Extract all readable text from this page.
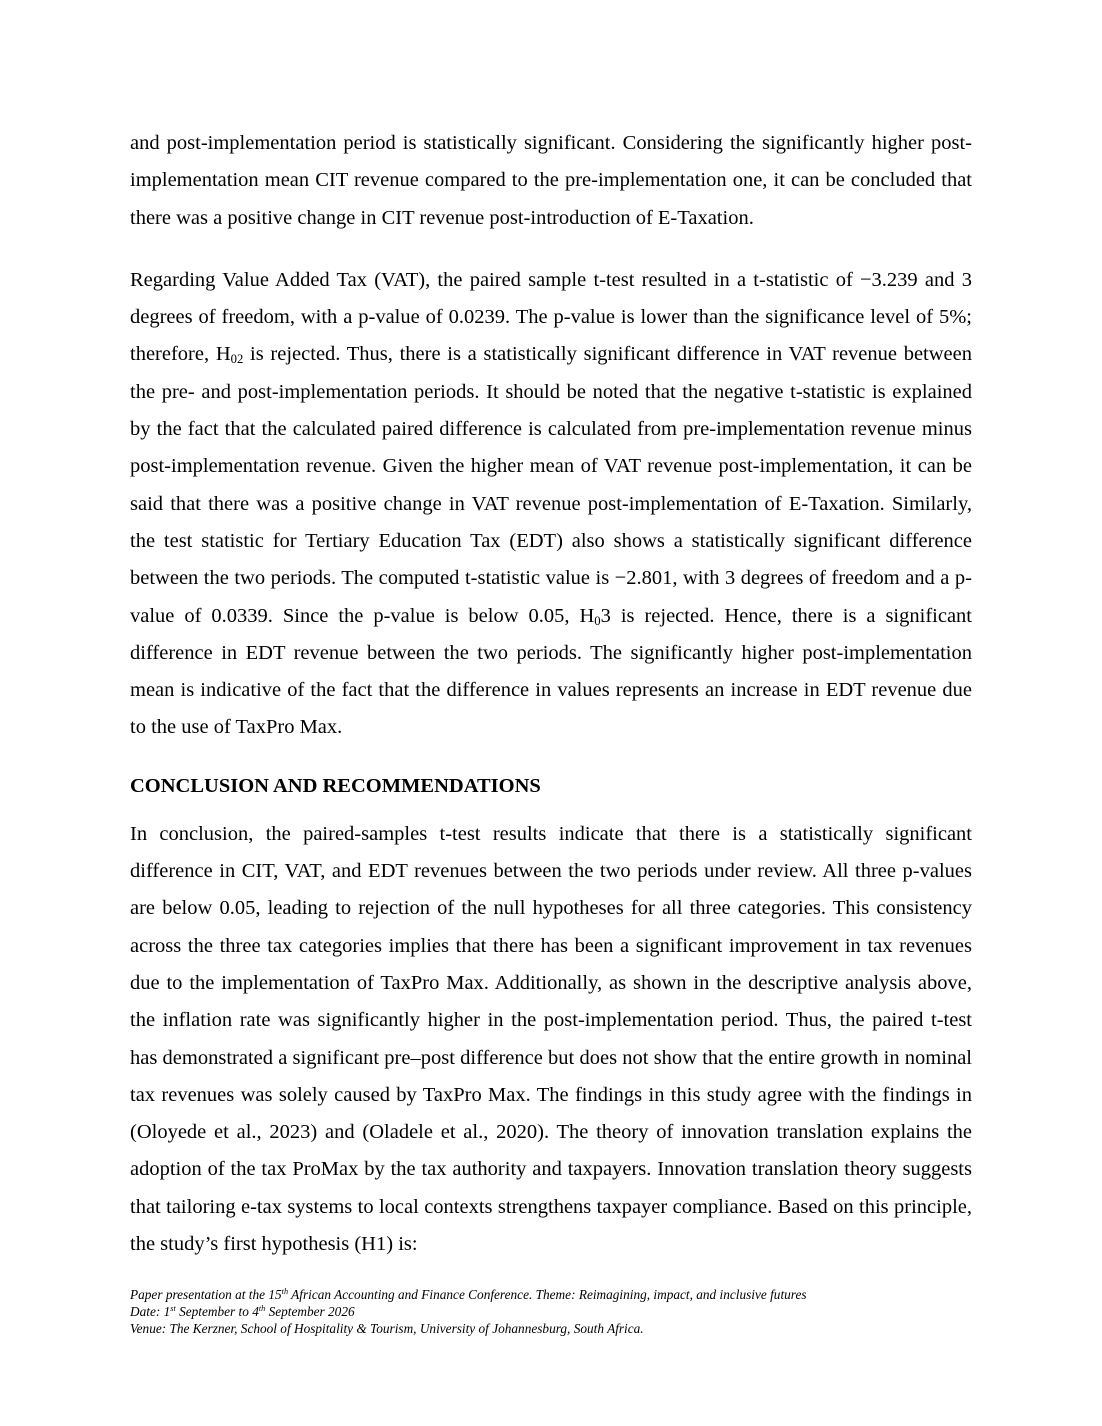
and post-implementation period is statistically significant. Considering the significantly higher post-implementation mean CIT revenue compared to the pre-implementation one, it can be concluded that there was a positive change in CIT revenue post-introduction of E-Taxation.

Regarding Value Added Tax (VAT), the paired sample t-test resulted in a t-statistic of −3.239 and 3 degrees of freedom, with a p-value of 0.0239. The p-value is lower than the significance level of 5%; therefore, $H_{02}$ is rejected. Thus, there is a statistically significant difference in VAT revenue between the pre- and post-implementation periods. It should be noted that the negative t-statistic is explained by the fact that the calculated paired difference is calculated from pre-implementation revenue minus post-implementation revenue. Given the higher mean of VAT revenue post-implementation, it can be said that there was a positive change in VAT revenue post-implementation of E-Taxation. Similarly, the test statistic for Tertiary Education Tax (EDT) also shows a statistically significant difference between the two periods. The computed t-statistic value is −2.801, with 3 degrees of freedom and a p-value of 0.0339. Since the p-value is below 0.05, $H_03$ is rejected. Hence, there is a significant difference in EDT revenue between the two periods. The significantly higher post-implementation mean is indicative of the fact that the difference in values represents an increase in EDT revenue due to the use of TaxPro Max.

CONCLUSION AND RECOMMENDATIONS

In conclusion, the paired-samples t-test results indicate that there is a statistically significant difference in CIT, VAT, and EDT revenues between the two periods under review. All three p-values are below 0.05, leading to rejection of the null hypotheses for all three categories. This consistency across the three tax categories implies that there has been a significant improvement in tax revenues due to the implementation of TaxPro Max. Additionally, as shown in the descriptive analysis above, the inflation rate was significantly higher in the post-implementation period. Thus, the paired t-test has demonstrated a significant pre–post difference but does not show that the entire growth in nominal tax revenues was solely caused by TaxPro Max. The findings in this study agree with the findings in (Oloyede et al., 2023) and (Oladele et al., 2020). The theory of innovation translation explains the adoption of the tax ProMax by the tax authority and taxpayers. Innovation translation theory suggests that tailoring e-tax systems to local contexts strengthens taxpayer compliance. Based on this principle, the study’s first hypothesis (H1) is:

Paper presentation at the 15th African Accounting and Finance Conference. Theme: Reimagining, impact, and inclusive futures
Date: 1st September to 4th September 2026
Venue: The Kerzner, School of Hospitality & Tourism, University of Johannesburg, South Africa.
